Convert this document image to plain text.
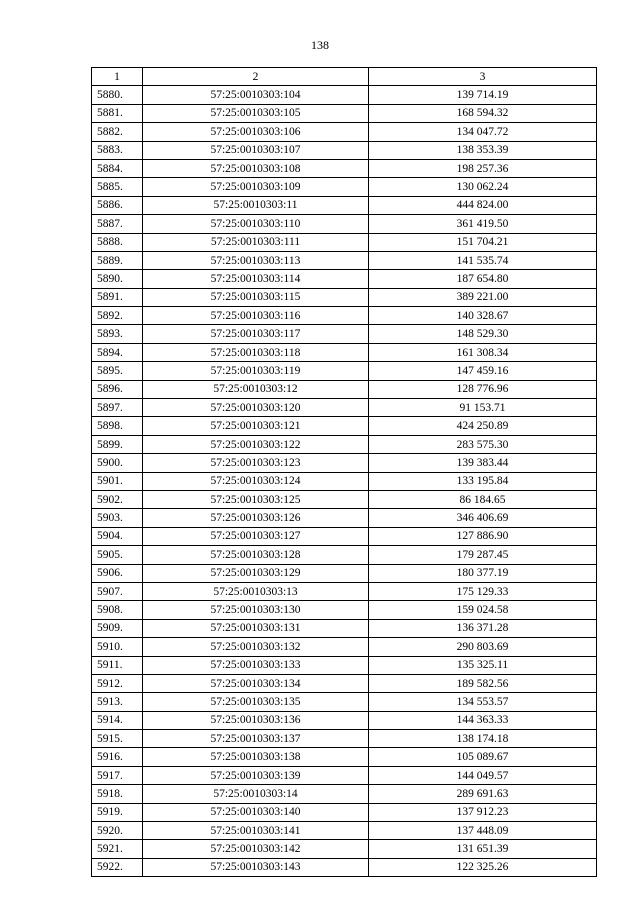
138
1	2	3
5880.	57:25:0010303:104	139 714.19
5881.	57:25:0010303:105	168 594.32
5882.	57:25:0010303:106	134 047.72
5883.	57:25:0010303:107	138 353.39
5884.	57:25:0010303:108	198 257.36
5885.	57:25:0010303:109	130 062.24
5886.	57:25:0010303:11	444 824.00
5887.	57:25:0010303:110	361 419.50
5888.	57:25:0010303:111	151 704.21
5889.	57:25:0010303:113	141 535.74
5890.	57:25:0010303:114	187 654.80
5891.	57:25:0010303:115	389 221.00
5892.	57:25:0010303:116	140 328.67
5893.	57:25:0010303:117	148 529.30
5894.	57:25:0010303:118	161 308.34
5895.	57:25:0010303:119	147 459.16
5896.	57:25:0010303:12	128 776.96
5897.	57:25:0010303:120	91 153.71
5898.	57:25:0010303:121	424 250.89
5899.	57:25:0010303:122	283 575.30
5900.	57:25:0010303:123	139 383.44
5901.	57:25:0010303:124	133 195.84
5902.	57:25:0010303:125	86 184.65
5903.	57:25:0010303:126	346 406.69
5904.	57:25:0010303:127	127 886.90
5905.	57:25:0010303:128	179 287.45
5906.	57:25:0010303:129	180 377.19
5907.	57:25:0010303:13	175 129.33
5908.	57:25:0010303:130	159 024.58
5909.	57:25:0010303:131	136 371.28
5910.	57:25:0010303:132	290 803.69
5911.	57:25:0010303:133	135 325.11
5912.	57:25:0010303:134	189 582.56
5913.	57:25:0010303:135	134 553.57
5914.	57:25:0010303:136	144 363.33
5915.	57:25:0010303:137	138 174.18
5916.	57:25:0010303:138	105 089.67
5917.	57:25:0010303:139	144 049.57
5918.	57:25:0010303:14	289 691.63
5919.	57:25:0010303:140	137 912.23
5920.	57:25:0010303:141	137 448.09
5921.	57:25:0010303:142	131 651.39
5922.	57:25:0010303:143	122 325.26
